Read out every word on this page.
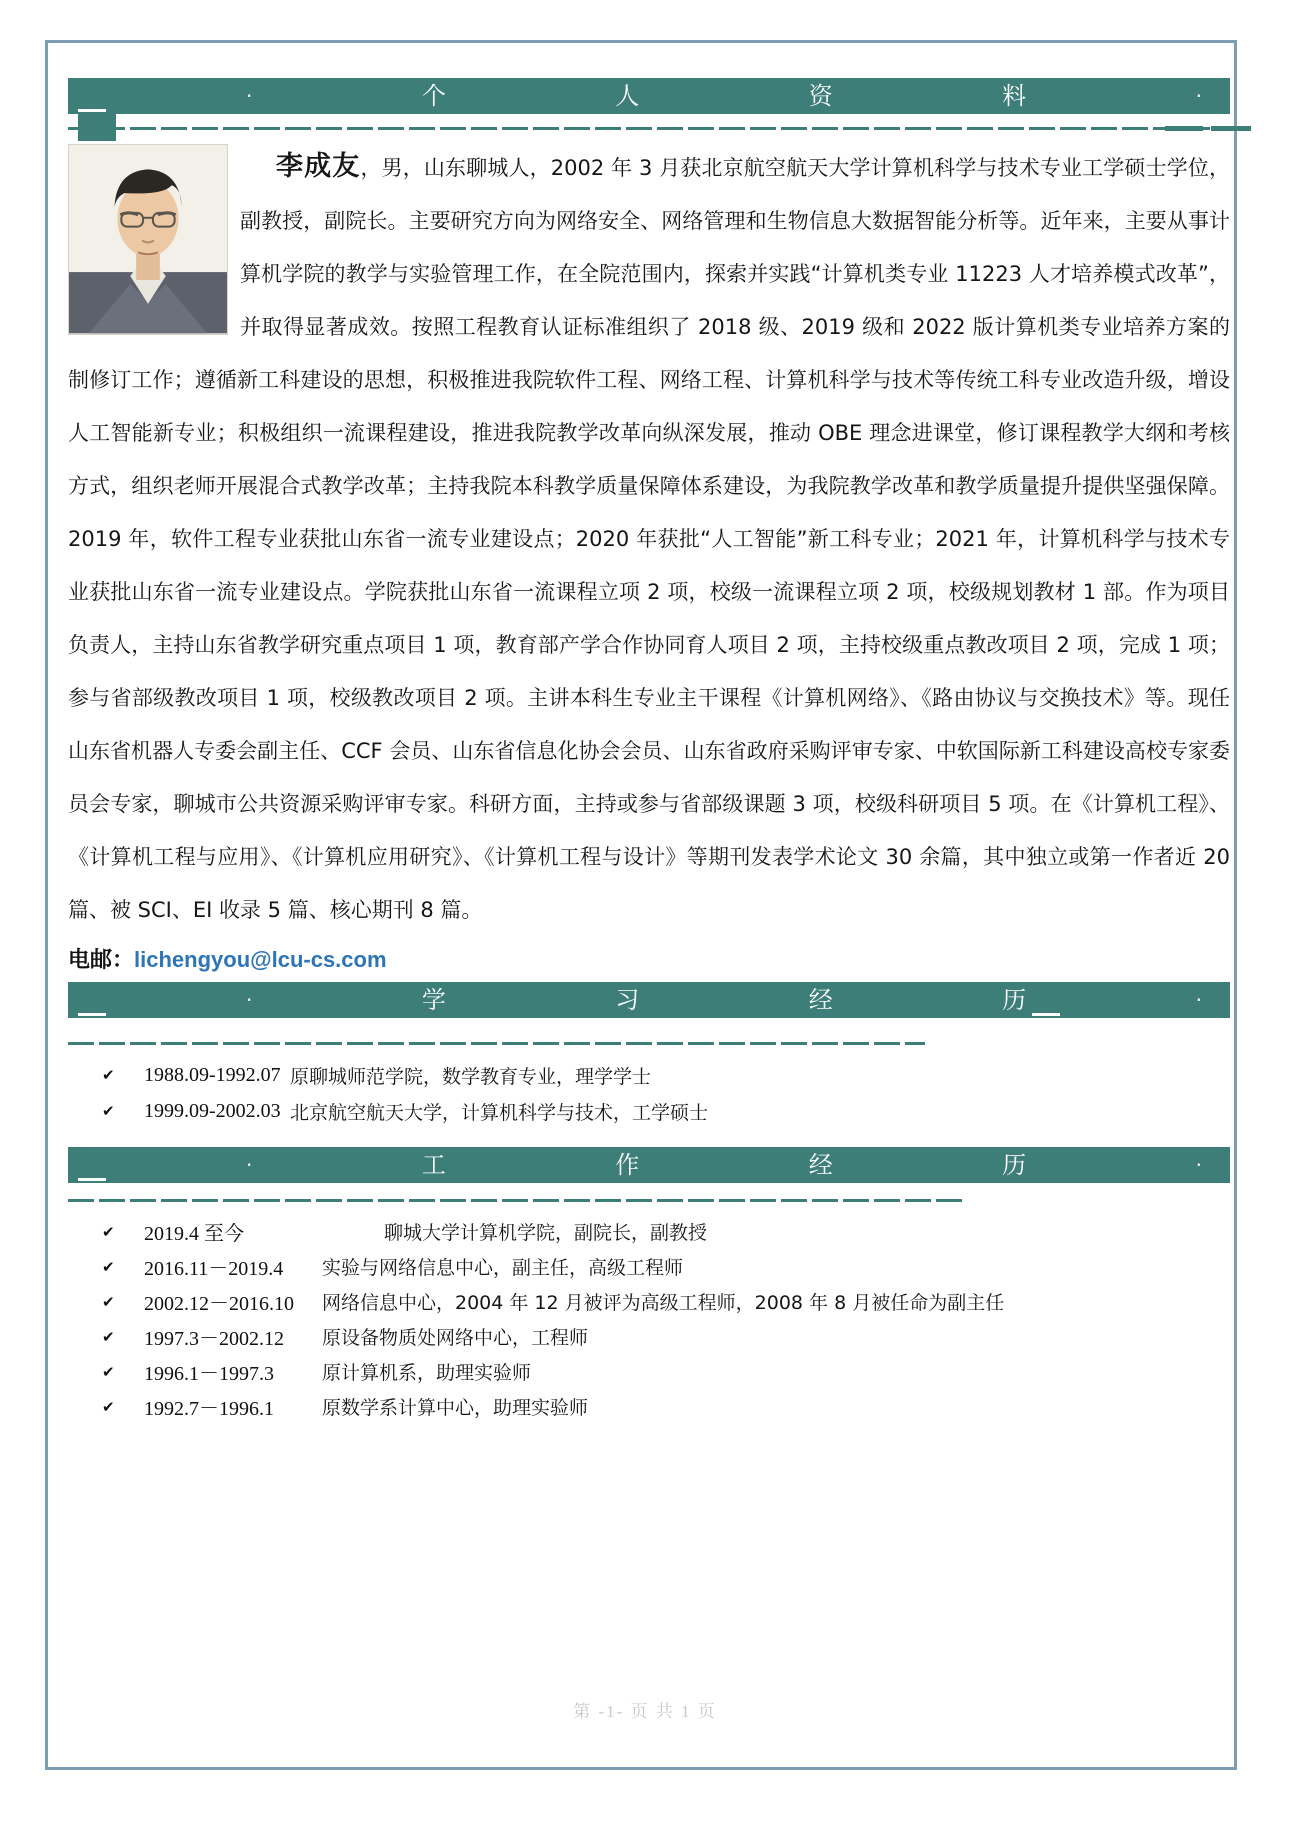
·	个	人	资	料	·

李成友，男，山东聊城人，2002 年 3 月获北京航空航天大学计算机科学与技术专业工学硕士学位，副教授，副院长。主要研究方向为网络安全、网络管理和生物信息大数据智能分析等。近年来，主要从事计算机学院的教学与实验管理工作，在全院范围内，探索并实践“计算机类专业 11223 人才培养模式改革”，并取得显著成效。按照工程教育认证标准组织了 2018 级、2019 级和 2022 版计算机类专业培养方案的制修订工作；遵循新工科建设的思想，积极推进我院软件工程、网络工程、计算机科学与技术等传统工科专业改造升级，增设人工智能新专业；积极组织一流课程建设，推进我院教学改革向纵深发展，推动 OBE 理念进课堂，修订课程教学大纲和考核方式，组织老师开展混合式教学改革；主持我院本科教学质量保障体系建设，为我院教学改革和教学质量提升提供坚强保障。2019 年，软件工程专业获批山东省一流专业建设点；2020 年获批“人工智能”新工科专业；2021 年，计算机科学与技术专业获批山东省一流专业建设点。学院获批山东省一流课程立项 2 项，校级一流课程立项 2 项，校级规划教材 1 部。作为项目负责人，主持山东省教学研究重点项目 1 项，教育部产学合作协同育人项目 2 项，主持校级重点教改项目 2 项，完成 1 项；参与省部级教改项目 1 项，校级教改项目 2 项。主讲本科生专业主干课程《计算机网络》、《路由协议与交换技术》等。现任山东省机器人专委会副主任、CCF 会员、山东省信息化协会会员、山东省政府采购评审专家、中软国际新工科建设高校专家委员会专家，聊城市公共资源采购评审专家。科研方面，主持或参与省部级课题 3 项，校级科研项目 5 项。在《计算机工程》、《计算机工程与应用》、《计算机应用研究》、《计算机工程与设计》等期刊发表学术论文 30 余篇，其中独立或第一作者近 20 篇、被 SCI、EI 收录 5 篇、核心期刊 8 篇。

电邮：lichengyou@lcu-cs.com
·	学	习	经	历	·
✔	1988.09-1992.07 原聊城师范学院，数学教育专业，理学学士
✔	1999.09-2002.03 北京航空航天大学，计算机科学与技术，工学硕士
·	工	作	经	历	·
✔	2019.4 至今	聊城大学计算机学院，副院长，副教授
✔	2016.11－2019.4	实验与网络信息中心，副主任，高级工程师
✔	2002.12－2016.10	网络信息中心，2004 年 12 月被评为高级工程师，2008 年 8 月被任命为副主任
✔	1997.3－2002.12	原设备物质处网络中心，工程师
✔	1996.1－1997.3	原计算机系，助理实验师
✔	1992.7－1996.1	原数学系计算中心，助理实验师
第 -1- 页 共 1 页
